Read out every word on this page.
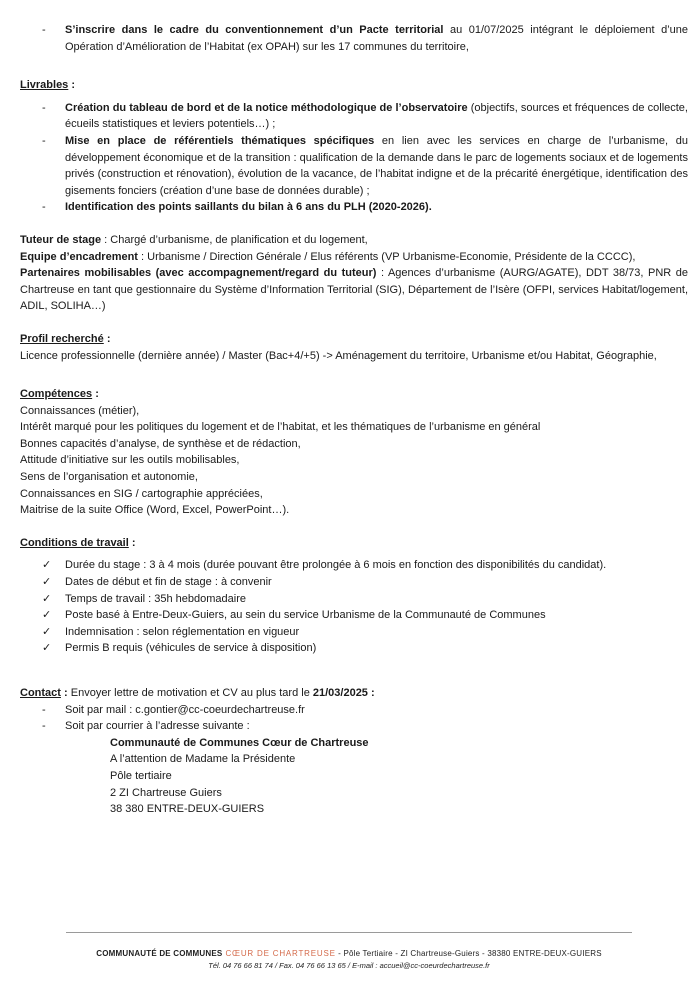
- S’inscrire dans le cadre du conventionnement d’un Pacte territorial au 01/07/2025 intégrant le déploiement d’une Opération d’Amélioration de l’Habitat (ex OPAH) sur les 17 communes du territoire,

Livrables :

- Création du tableau de bord et de la notice méthodologique de l’observatoire (objectifs, sources et fréquences de collecte, écueils statistiques et leviers potentiels…) ;
- Mise en place de référentiels thématiques spécifiques en lien avec les services en charge de l’urbanisme, du développement économique et de la transition : qualification de la demande dans le parc de logements sociaux et de logements privés (construction et rénovation), évolution de la vacance, de l’habitat indigne et de la précarité énergétique, identification des gisements fonciers (création d’une base de données durable) ;
- Identification des points saillants du bilan à 6 ans du PLH (2020-2026).

Tuteur de stage : Chargé d’urbanisme, de planification et du logement,

Equipe d’encadrement : Urbanisme / Direction Générale / Elus référents (VP Urbanisme-Economie, Présidente de la CCCC),

Partenaires mobilisables (avec accompagnement/regard du tuteur) : Agences d’urbanisme (AURG/AGATE), DDT 38/73, PNR de Chartreuse en tant que gestionnaire du Système d’Information Territorial (SIG), Département de l’Isère (OFPI, services Habitat/logement, ADIL, SOLIHA…)

Profil recherché :

Licence professionnelle (dernière année) / Master (Bac+4/+5) -> Aménagement du territoire, Urbanisme et/ou Habitat, Géographie,

Compétences :

Connaissances (métier),

Intérêt marqué pour les politiques du logement et de l’habitat, et les thématiques de l’urbanisme en général

Bonnes capacités d’analyse, de synthèse et de rédaction,

Attitude d’initiative sur les outils mobilisables,

Sens de l’organisation et autonomie,

Connaissances en SIG / cartographie appréciées,

Maitrise de la suite Office (Word, Excel, PowerPoint…).

Conditions de travail :

✓ Durée du stage : 3 à 4 mois (durée pouvant être prolongée à 6 mois en fonction des disponibilités du candidat).
✓ Dates de début et fin de stage : à convenir
✓ Temps de travail : 35h hebdomadaire
✓ Poste basé à Entre-Deux-Guiers, au sein du service Urbanisme de la Communauté de Communes
✓ Indemnisation : selon réglementation en vigueur
✓ Permis B requis (véhicules de service à disposition)

Contact : Envoyer lettre de motivation et CV au plus tard le 21/03/2025 :

- Soit par mail : c.gontier@cc-coeurdechartreuse.fr
- Soit par courrier à l’adresse suivante :

Communauté de Communes Cœur de Chartreuse

A l’attention de Madame la Présidente

Pôle tertiaire

2 ZI Chartreuse Guiers

38 380 ENTRE-DEUX-GUIERS

COMMUNAUTÉ DE COMMUNES CŒUR DE CHARTREUSE - Pôle Tertiaire - ZI Chartreuse-Guiers - 38380 ENTRE-DEUX-GUIERS
Tél. 04 76 66 81 74 / Fax. 04 76 66 13 65 / E-mail : accueil@cc-coeurdechartreuse.fr
